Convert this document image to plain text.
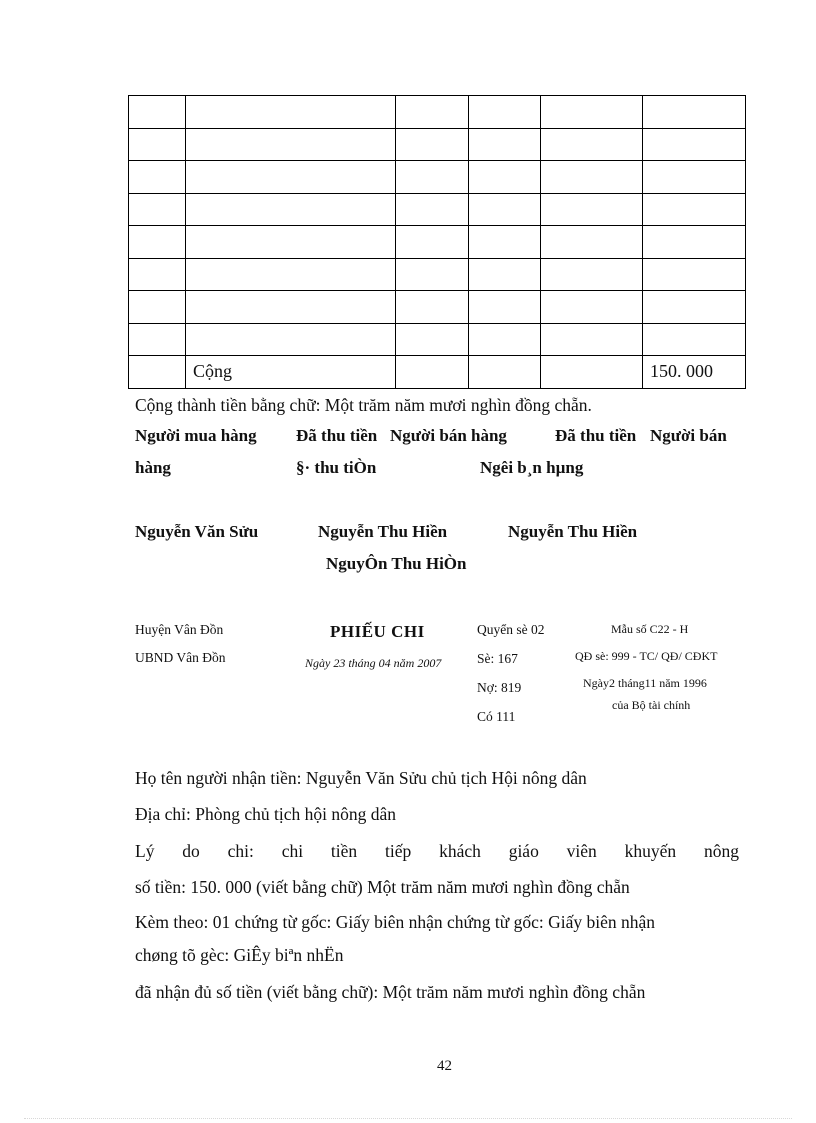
	Cộng				150. 000
Cộng thành tiền bằng chữ: Một trăm năm mươi nghìn đồng chẵn.
Người mua hàng Đã thu tiền Người bán hàng	Đã thu tiền Người bán
hàng	§· thu tiÒn	Ngêi b¸n hµng
Nguyễn Văn Sửu	Nguyễn Thu Hiền	Nguyễn Thu Hiền
NguyÔn Thu HiÒn
Huyện Vân Đồn
UBND Vân Đồn
PHIẾU CHI
Ngày 23 tháng 04 năm 2007
Quyển sè 02
Sè: 167
Nợ: 819
Có 111
Mẫu số C22 - H
QĐ sè: 999 - TC/ QĐ/ CĐKT
Ngày2 tháng11 năm 1996
của Bộ tài chính
Họ tên người nhận tiền: Nguyễn Văn Sửu chủ tịch Hội nông dân
Địa chỉ: Phòng chủ tịch hội nông dân
Lý do chi: chi tiền tiếp khách giáo viên khuyến nông
số tiền: 150. 000 (viết bằng chữ) Một trăm năm mươi nghìn đồng chẵn
Kèm theo: 01 chứng từ gốc: Giấy biên nhận chứng từ gốc: Giấy biên nhận
chøng tõ gèc: GiÊy biªn nhËn
đã nhận đủ số tiền (viết bằng chữ): Một trăm năm mươi nghìn đồng chẵn
42
